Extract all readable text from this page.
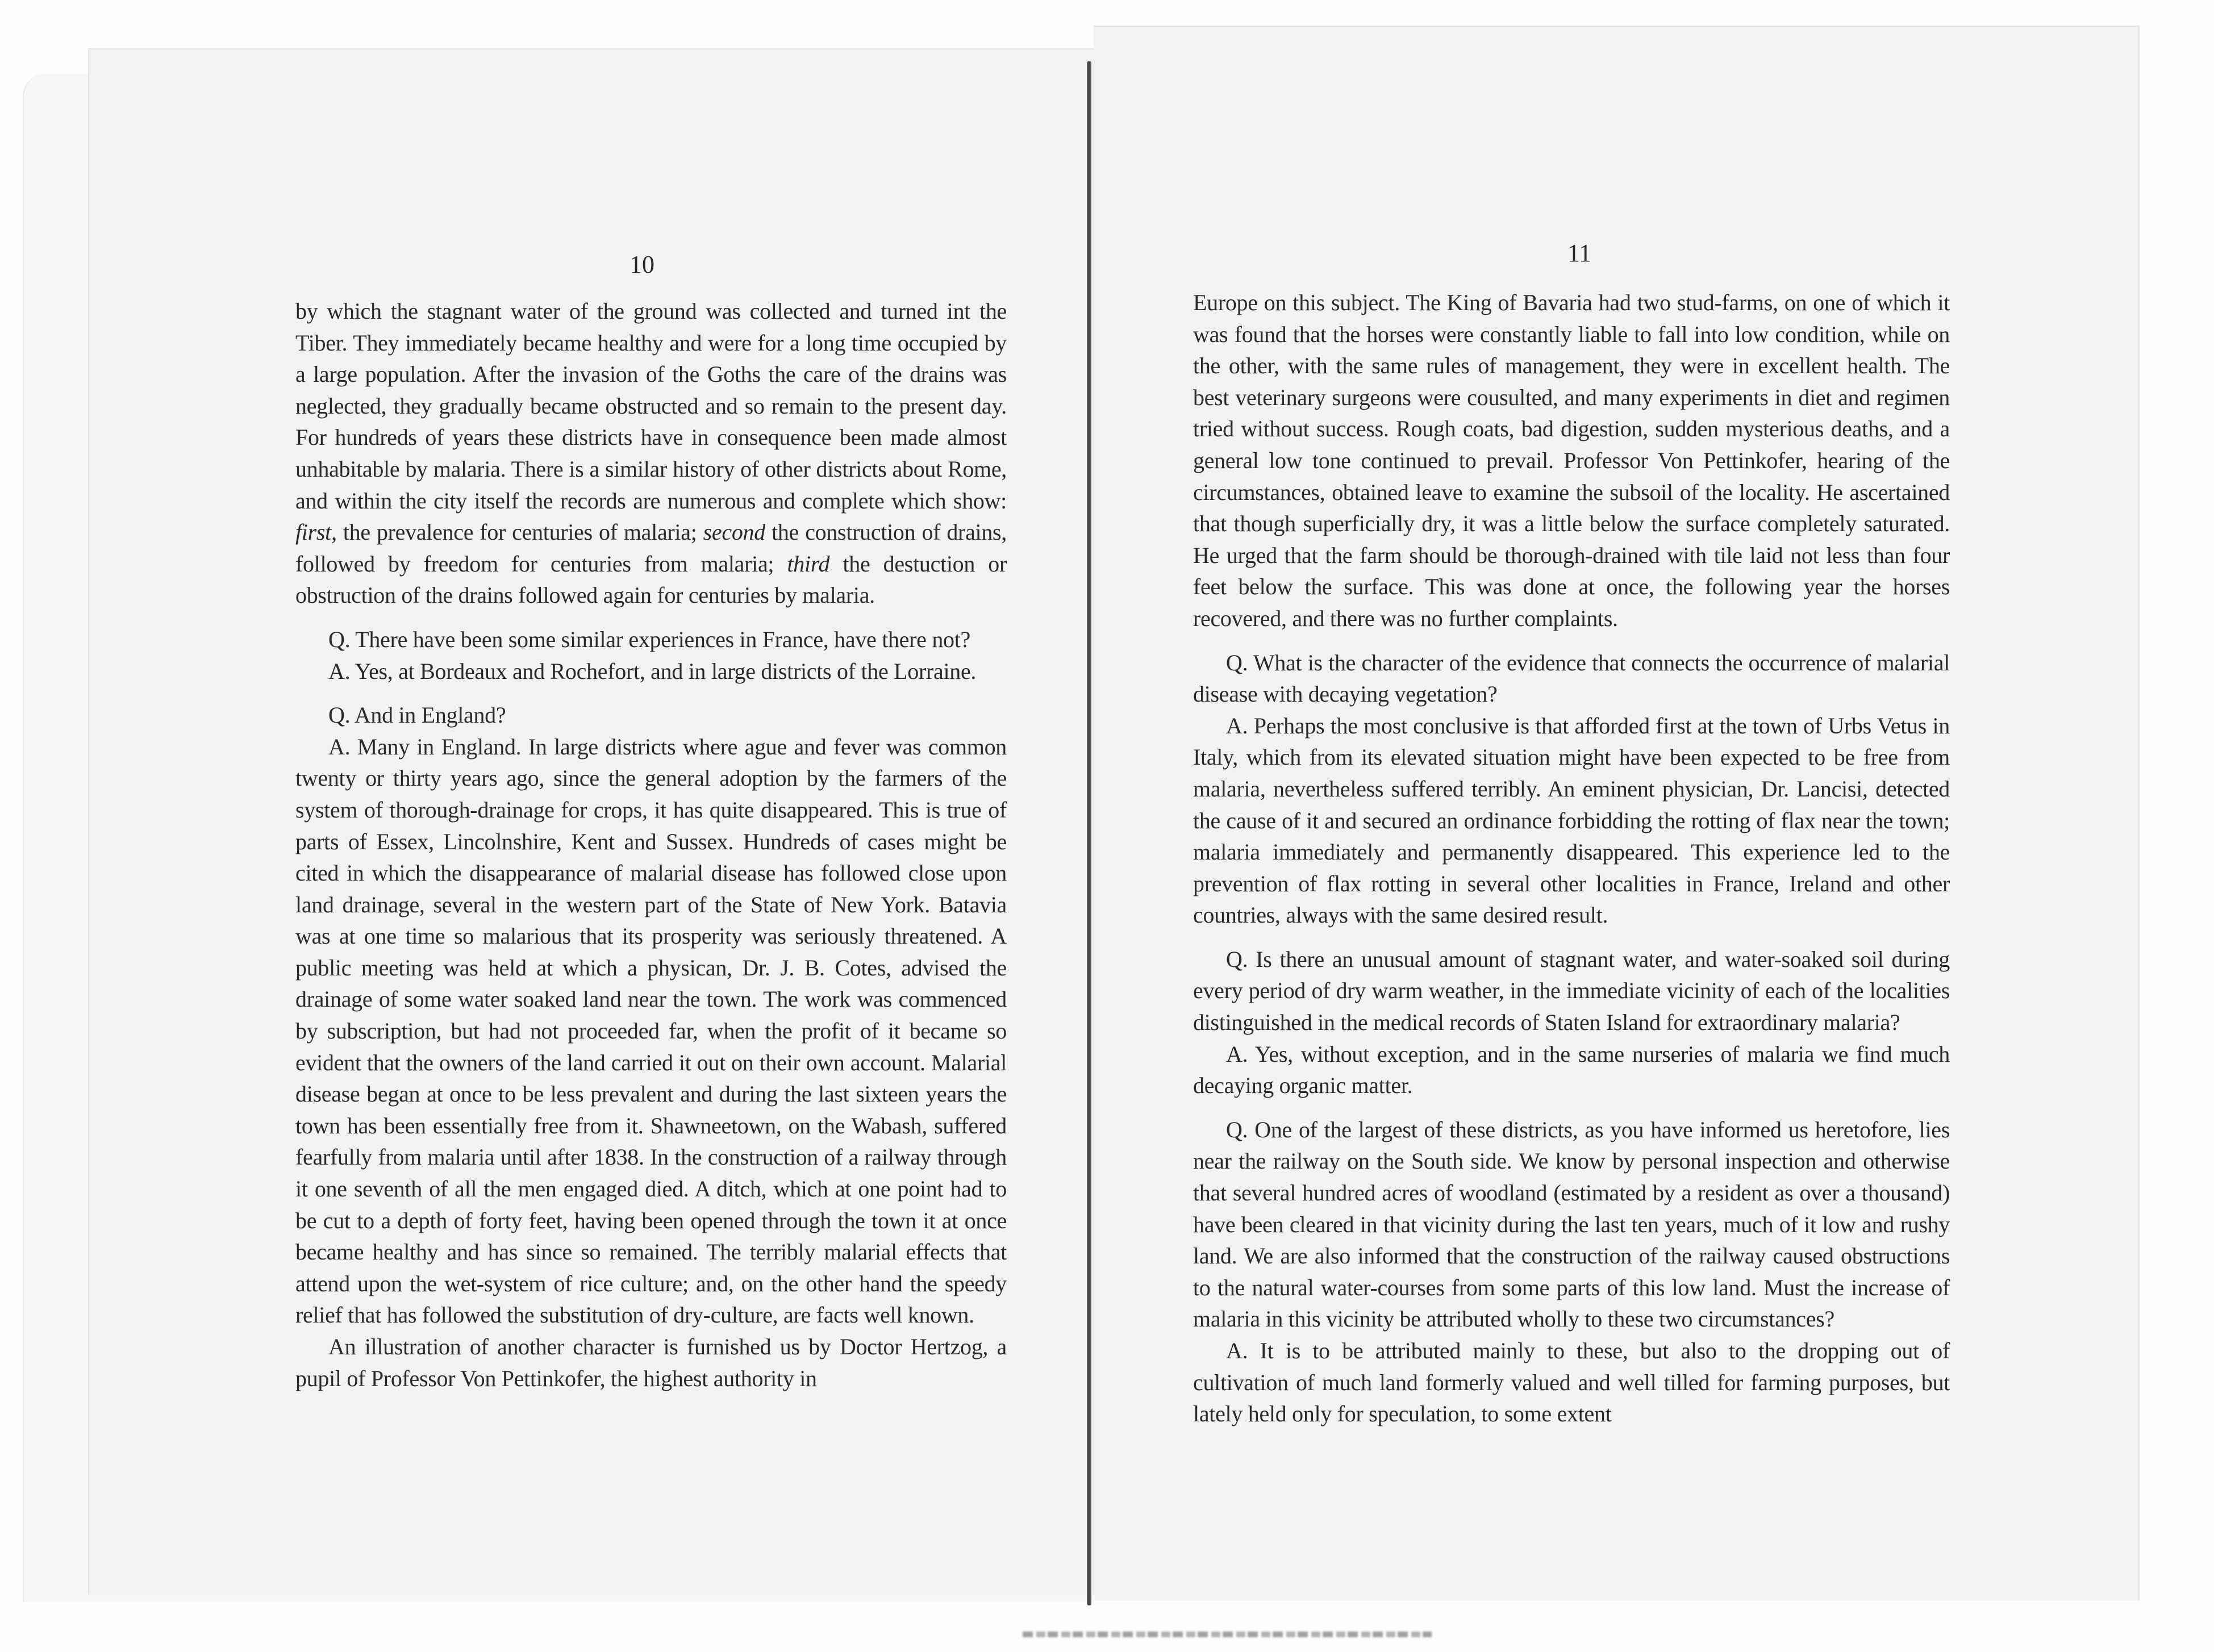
10	11

by which the stagnant water of the ground was collected and turned int the Tiber. They immediately became healthy and were for a long time occupied by a large population. After the invasion of the Goths the care of the drains was neglected, they gradually became obstructed and so remain to the present day. For hundreds of years these districts have in consequence been made almost unhabitable by malaria. There is a similar history of other districts about Rome, and within the city itself the records are numerous and complete which show: first, the prevalence for centuries of malaria; second the construction of drains, followed by freedom for centuries from malaria; third the destuction or obstruction of the drains followed again for centuries by malaria.

Q. There have been some similar experiences in France, have there not?

A. Yes, at Bordeaux and Rochefort, and in large districts of the Lorraine.

Q. And in England?

A. Many in England. In large districts where ague and fever was common twenty or thirty years ago, since the general adoption by the farmers of the system of thorough-drainage for crops, it has quite disappeared. This is true of parts of Essex, Lincolnshire, Kent and Sussex. Hundreds of cases might be cited in which the disappearance of malarial disease has followed close upon land drainage, several in the western part of the State of New York. Batavia was at one time so malarious that its prosperity was seriously threatened. A public meeting was held at which a physican, Dr. J. B. Cotes, advised the drainage of some water soaked land near the town. The work was commenced by subscription, but had not proceeded far, when the profit of it became so evident that the owners of the land carried it out on their own account. Malarial disease began at once to be less prevalent and during the last sixteen years the town has been essentially free from it. Shawneetown, on the Wabash, suffered fearfully from malaria until after 1838. In the construction of a railway through it one seventh of all the men engaged died. A ditch, which at one point had to be cut to a depth of forty feet, having been opened through the town it at once became healthy and has since so remained. The terribly malarial effects that attend upon the wet-system of rice culture; and, on the other hand the speedy relief that has followed the substitution of dry-culture, are facts well known.

An illustration of another character is furnished us by Doctor Hertzog, a pupil of Professor Von Pettinkofer, the highest authority in

Europe on this subject. The King of Bavaria had two stud-farms, on one of which it was found that the horses were constantly liable to fall into low condition, while on the other, with the same rules of management, they were in excellent health. The best veterinary surgeons were cousulted, and many experiments in diet and regimen tried without success. Rough coats, bad digestion, sudden mysterious deaths, and a general low tone continued to prevail. Professor Von Pettinkofer, hearing of the circumstances, obtained leave to examine the subsoil of the locality. He ascertained that though superficially dry, it was a little below the surface completely saturated. He urged that the farm should be thorough-drained with tile laid not less than four feet below the surface. This was done at once, the following year the horses recovered, and there was no further complaints.

Q. What is the character of the evidence that connects the occurrence of malarial disease with decaying vegetation?

A. Perhaps the most conclusive is that afforded first at the town of Urbs Vetus in Italy, which from its elevated situation might have been expected to be free from malaria, nevertheless suffered terribly. An eminent physician, Dr. Lancisi, detected the cause of it and secured an ordinance forbidding the rotting of flax near the town; malaria immediately and permanently disappeared. This experience led to the prevention of flax rotting in several other localities in France, Ireland and other countries, always with the same desired result.

Q. Is there an unusual amount of stagnant water, and water-soaked soil during every period of dry warm weather, in the immediate vicinity of each of the localities distinguished in the medical records of Staten Island for extraordinary malaria?

A. Yes, without exception, and in the same nurseries of malaria we find much decaying organic matter.

Q. One of the largest of these districts, as you have informed us heretofore, lies near the railway on the South side. We know by personal inspection and otherwise that several hundred acres of woodland (estimated by a resident as over a thousand) have been cleared in that vicinity during the last ten years, much of it low and rushy land. We are also informed that the construction of the railway caused obstructions to the natural water-courses from some parts of this low land. Must the increase of malaria in this vicinity be attributed wholly to these two circumstances?

A. It is to be attributed mainly to these, but also to the dropping out of cultivation of much land formerly valued and well tilled for farming purposes, but lately held only for speculation, to some extent
